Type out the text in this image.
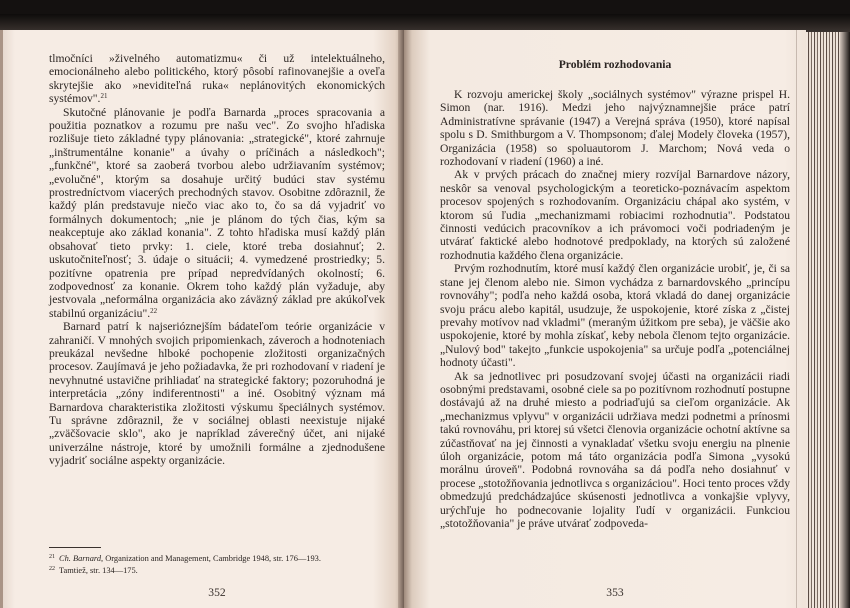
tlmočníci »živelného automatizmu« či už intelektuálneho, emocionálneho alebo politického, ktorý pôsobí rafinovanejšie a oveľa skrytejšie ako »neviditeľná ruka« neplánovitých ekonomických systémov".$^{21}$

Skutočné plánovanie je podľa Barnarda „proces spracovania a použitia poznatkov a rozumu pre našu vec". Zo svojho hľadiska rozlišuje tieto základné typy plánovania: „strategické", ktoré zahrnuje „inštrumentálne konanie" a úvahy o príčinách a následkoch"; „funkčné", ktoré sa zaoberá tvorbou alebo udržiavaním systémov; „evolučné", ktorým sa dosahuje určitý budúci stav systému prostredníctvom viacerých prechodných stavov. Osobitne zdôraznil, že každý plán predstavuje niečo viac ako to, čo sa dá vyjadriť vo formálnych dokumentoch; „nie je plánom do tých čias, kým sa neakceptuje ako základ konania". Z tohto hľadiska musí každý plán obsahovať tieto prvky: 1. ciele, ktoré treba dosiahnuť; 2. uskutočniteľnosť; 3. údaje o situácii; 4. vymedzené prostriedky; 5. pozitívne opatrenia pre prípad nepredvídaných okolností; 6. zodpovednosť za konanie. Okrem toho každý plán vyžaduje, aby jestvovala „neformálna organizácia ako záväzný základ pre akúkoľvek stabilnú organizáciu".$^{22}$

Barnard patrí k najserióznejším bádateľom teórie organizácie v zahraničí. V mnohých svojich pripomienkach, záveroch a hodnoteniach preukázal nevšedne hlboké pochopenie zložitosti organizačných procesov. Zaujímavá je jeho požiadavka, že pri rozhodovaní v riadení je nevyhnutné ustavične prihliadať na strategické faktory; pozoruhodná je interpretácia „zóny indiferentnosti" a iné. Osobitný význam má Barnardova charakteristika zložitosti výskumu špeciálnych systémov. Tu správne zdôraznil, že v sociálnej oblasti neexistuje nijaké „zväčšovacie sklo", ako je napríklad záverečný účet, ani nijaké univerzálne nástroje, ktoré by umožnili formálne a zjednodušene vyjadriť sociálne aspekty organizácie.

$^{21}$ Ch. Barnard, Organization and Management, Cambridge 1948, str. 176—193.

$^{22}$ Tamtiež, str. 134—175.

352
Problém rozhodovania

K rozvoju americkej školy „sociálnych systémov" výrazne prispel H. Simon (nar. 1916). Medzi jeho najvýznamnejšie práce patrí Administratívne správanie (1947) a Verejná správa (1950), ktoré napísal spolu s D. Smithburgom a V. Thompsonom; ďalej Modely človeka (1957), Organizácia (1958) so spoluautorom J. Marchom; Nová veda o rozhodovaní v riadení (1960) a iné.

Ak v prvých prácach do značnej miery rozvíjal Barnardove názory, neskôr sa venoval psychologickým a teoreticko-poznávacím aspektom procesov spojených s rozhodovaním. Organizáciu chápal ako systém, v ktorom sú ľudia „mechanizmami robiacimi rozhodnutia". Podstatou činnosti vedúcich pracovníkov a ich právomoci voči podriadeným je utvárať faktické alebo hodnotové predpoklady, na ktorých sú založené rozhodnutia každého člena organizácie.

Prvým rozhodnutím, ktoré musí každý člen organizácie urobiť, je, či sa stane jej členom alebo nie. Simon vychádza z barnardovského „princípu rovnováhy"; podľa neho každá osoba, ktorá vkladá do danej organizácie svoju prácu alebo kapitál, usudzuje, že uspokojenie, ktoré získa z „čistej prevahy motívov nad vkladmi" (meraným úžitkom pre seba), je väčšie ako uspokojenie, ktoré by mohla získať, keby nebola členom tejto organizácie. „Nulový bod" takejto „funkcie uspokojenia" sa určuje podľa „potenciálnej hodnoty účasti".

Ak sa jednotlivec pri posudzovaní svojej účasti na organizácii riadi osobnými predstavami, osobné ciele sa po pozitívnom rozhodnutí postupne dostávajú až na druhé miesto a podriaďujú sa cieľom organizácie. Ak „mechanizmus vplyvu" v organizácii udržiava medzi podnetmi a prínosmi takú rovnováhu, pri ktorej sú všetci členovia organizácie ochotní aktívne sa zúčastňovať na jej činnosti a vynakladať všetku svoju energiu na plnenie úloh organizácie, potom má táto organizácia podľa Simona „vysokú morálnu úroveň". Podobná rovnováha sa dá podľa neho dosiahnuť v procese „stotožňovania jednotlivca s organizáciou". Hoci tento proces vždy obmedzujú predchádzajúce skúsenosti jednotlivca a vonkajšie vplyvy, urýchľuje ho podnecovanie lojality ľudí v organizácii. Funkciou „stotožňovania" je práve utvárať zodpoveda-

353
